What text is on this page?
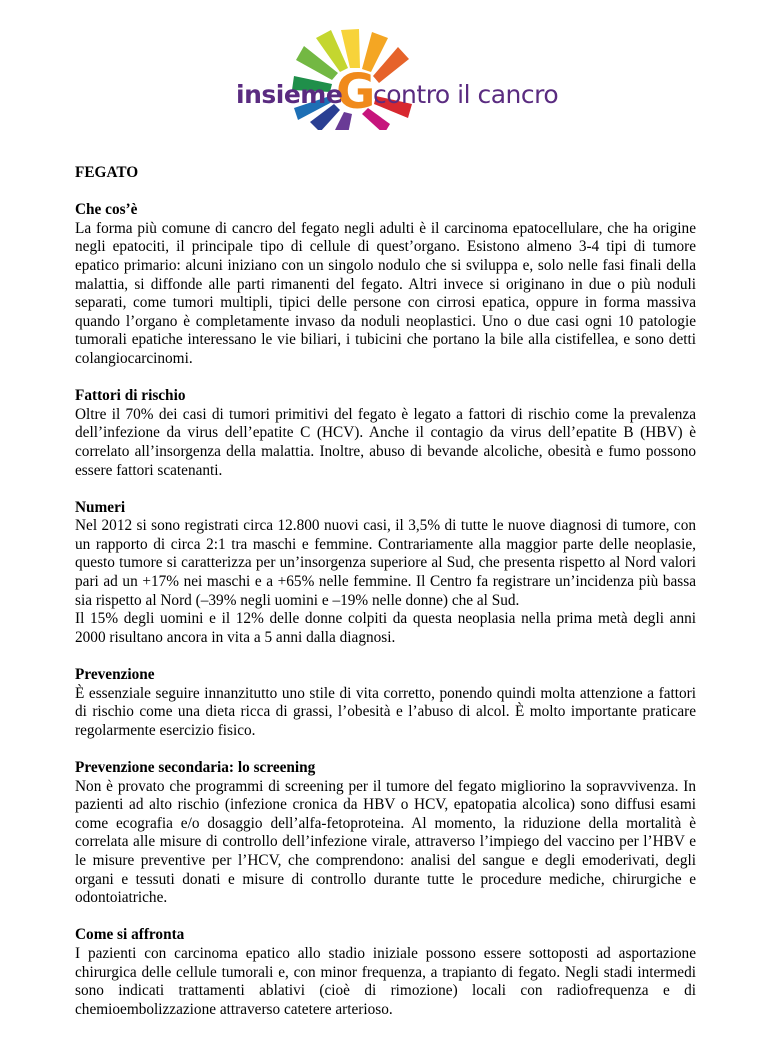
G
insieme contro il cancro
FEGATO
Che cos’è

La forma più comune di cancro del fegato negli adulti è il carcinoma epatocellulare, che ha origine negli epatociti, il principale tipo di cellule di quest’organo. Esistono almeno 3-4 tipi di tumore epatico primario: alcuni iniziano con un singolo nodulo che si sviluppa e, solo nelle fasi finali della malattia, si diffonde alle parti rimanenti del fegato. Altri invece si originano in due o più noduli separati, come tumori multipli, tipici delle persone con cirrosi epatica, oppure in forma massiva quando l’organo è completamente invaso da noduli neoplastici. Uno o due casi ogni 10 patologie tumorali epatiche interessano le vie biliari, i tubicini che portano la bile alla cistifellea, e sono detti colangiocarcinomi.

Fattori di rischio

Oltre il 70% dei casi di tumori primitivi del fegato è legato a fattori di rischio come la prevalenza dell’infezione da virus dell’epatite C (HCV). Anche il contagio da virus dell’epatite B (HBV) è correlato all’insorgenza della malattia. Inoltre, abuso di bevande alcoliche, obesità e fumo possono essere fattori scatenanti.

Numeri

Nel 2012 si sono registrati circa 12.800 nuovi casi, il 3,5% di tutte le nuove diagnosi di tumore, con un rapporto di circa 2:1 tra maschi e femmine. Contrariamente alla maggior parte delle neoplasie, questo tumore si caratterizza per un’insorgenza superiore al Sud, che presenta rispetto al Nord valori pari ad un +17% nei maschi e a +65% nelle femmine. Il Centro fa registrare un’incidenza più bassa sia rispetto al Nord (–39% negli uomini e –19% nelle donne) che al Sud.

Il 15% degli uomini e il 12% delle donne colpiti da questa neoplasia nella prima metà degli anni 2000 risultano ancora in vita a 5 anni dalla diagnosi.

Prevenzione

È essenziale seguire innanzitutto uno stile di vita corretto, ponendo quindi molta attenzione a fattori di rischio come una dieta ricca di grassi, l’obesità e l’abuso di alcol. È molto importante praticare regolarmente esercizio fisico.

Prevenzione secondaria: lo screening

Non è provato che programmi di screening per il tumore del fegato migliorino la sopravvivenza. In pazienti ad alto rischio (infezione cronica da HBV o HCV, epatopatia alcolica) sono diffusi esami come ecografia e/o dosaggio dell’alfa-fetoproteina. Al momento, la riduzione della mortalità è correlata alle misure di controllo dell’infezione virale, attraverso l’impiego del vaccino per l’HBV e le misure preventive per l’HCV, che comprendono: analisi del sangue e degli emoderivati, degli organi e tessuti donati e misure di controllo durante tutte le procedure mediche, chirurgiche e odontoiatriche.

Come si affronta

I pazienti con carcinoma epatico allo stadio iniziale possono essere sottoposti ad asportazione chirurgica delle cellule tumorali e, con minor frequenza, a trapianto di fegato. Negli stadi intermedi sono indicati trattamenti ablativi (cioè di rimozione) locali con radiofrequenza e di chemioembolizzazione attraverso catetere arterioso.
